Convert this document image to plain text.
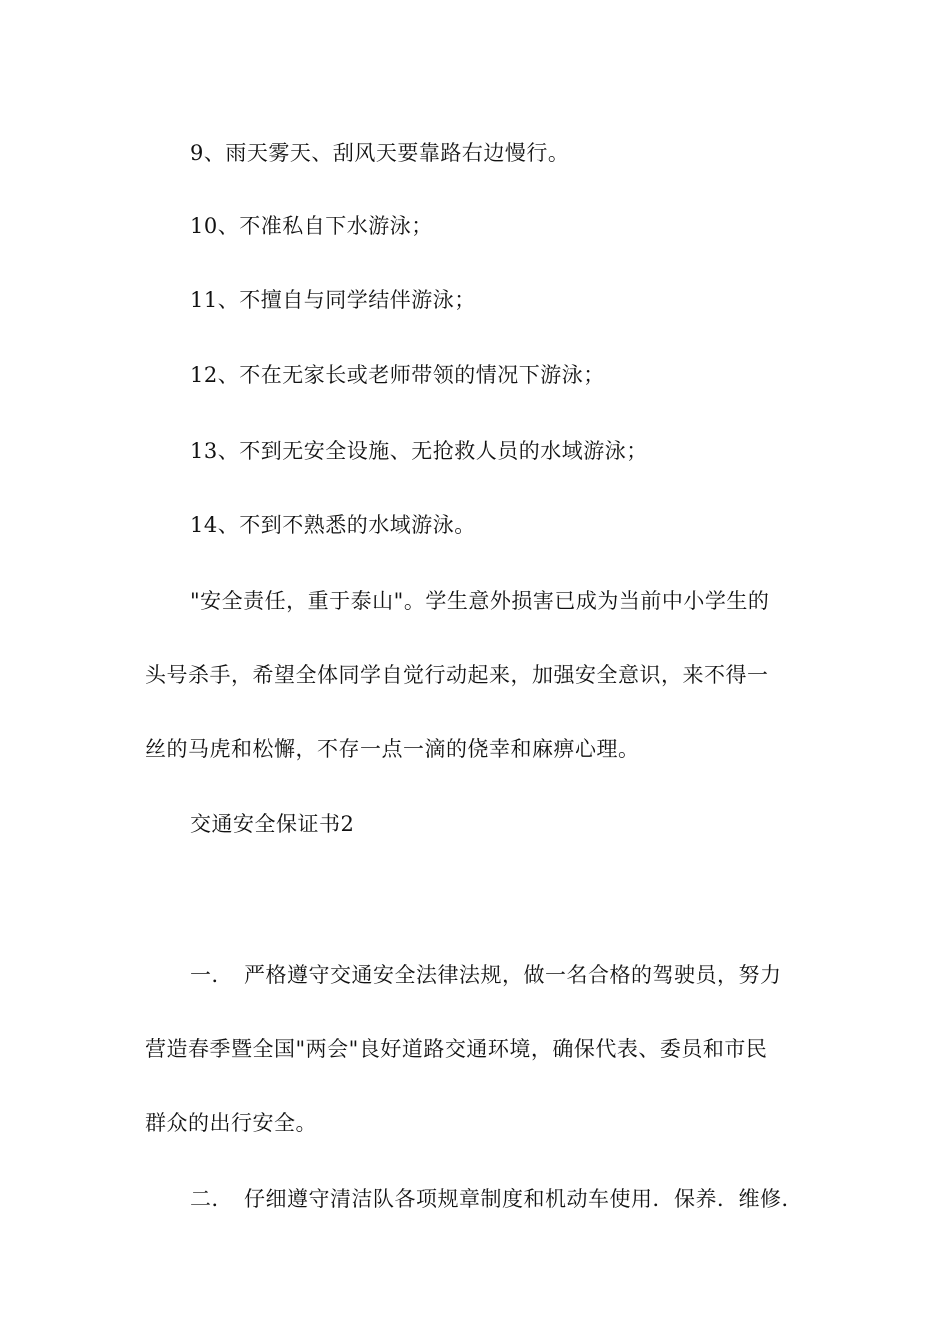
9、雨天雾天、刮风天要靠路右边慢行。
10、不准私自下水游泳；
11、不擅自与同学结伴游泳；
12、不在无家长或老师带领的情况下游泳；
13、不到无安全设施、无抢救人员的水域游泳；
14、不到不熟悉的水域游泳。
"安全责任，重于泰山"。学生意外损害已成为当前中小学生的
头号杀手，希望全体同学自觉行动起来，加强安全意识，来不得一
丝的马虎和松懈，不存一点一滴的侥幸和麻痹心理。
交通安全保证书2
一．　严格遵守交通安全法律法规，做一名合格的驾驶员，努力
营造春季暨全国"两会"良好道路交通环境，确保代表、委员和市民
群众的出行安全。
二．　仔细遵守清洁队各项规章制度和机动车使用．保养．维修．
